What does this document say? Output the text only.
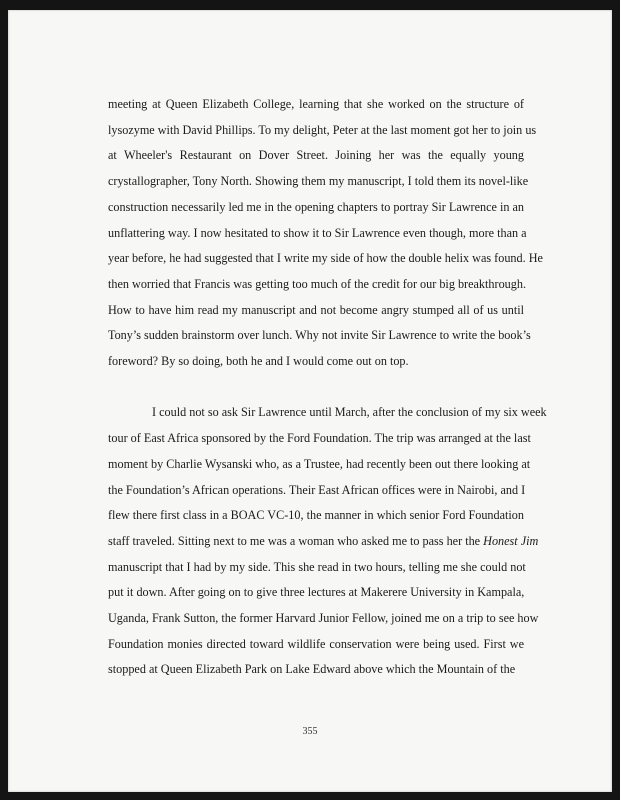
meeting at Queen Elizabeth College, learning that she worked on the structure of
lysozyme with David Phillips. To my delight, Peter at the last moment got her to join us
at Wheeler's Restaurant on Dover Street. Joining her was the equally young
crystallographer, Tony North. Showing them my manuscript, I told them its novel-like
construction necessarily led me in the opening chapters to portray Sir Lawrence in an
unflattering way. I now hesitated to show it to Sir Lawrence even though, more than a
year before, he had suggested that I write my side of how the double helix was found. He
then worried that Francis was getting too much of the credit for our big breakthrough.
How to have him read my manuscript and not become angry stumped all of us until
Tony’s sudden brainstorm over lunch. Why not invite Sir Lawrence to write the book’s
foreword? By so doing, both he and I would come out on top.
I could not so ask Sir Lawrence until March, after the conclusion of my six week
tour of East Africa sponsored by the Ford Foundation. The trip was arranged at the last
moment by Charlie Wysanski who, as a Trustee, had recently been out there looking at
the Foundation’s African operations. Their East African offices were in Nairobi, and I
flew there first class in a BOAC VC-10, the manner in which senior Ford Foundation
staff traveled. Sitting next to me was a woman who asked me to pass her the Honest Jim
manuscript that I had by my side. This she read in two hours, telling me she could not
put it down. After going on to give three lectures at Makerere University in Kampala,
Uganda, Frank Sutton, the former Harvard Junior Fellow, joined me on a trip to see how
Foundation monies directed toward wildlife conservation were being used. First we
stopped at Queen Elizabeth Park on Lake Edward above which the Mountain of the
355
